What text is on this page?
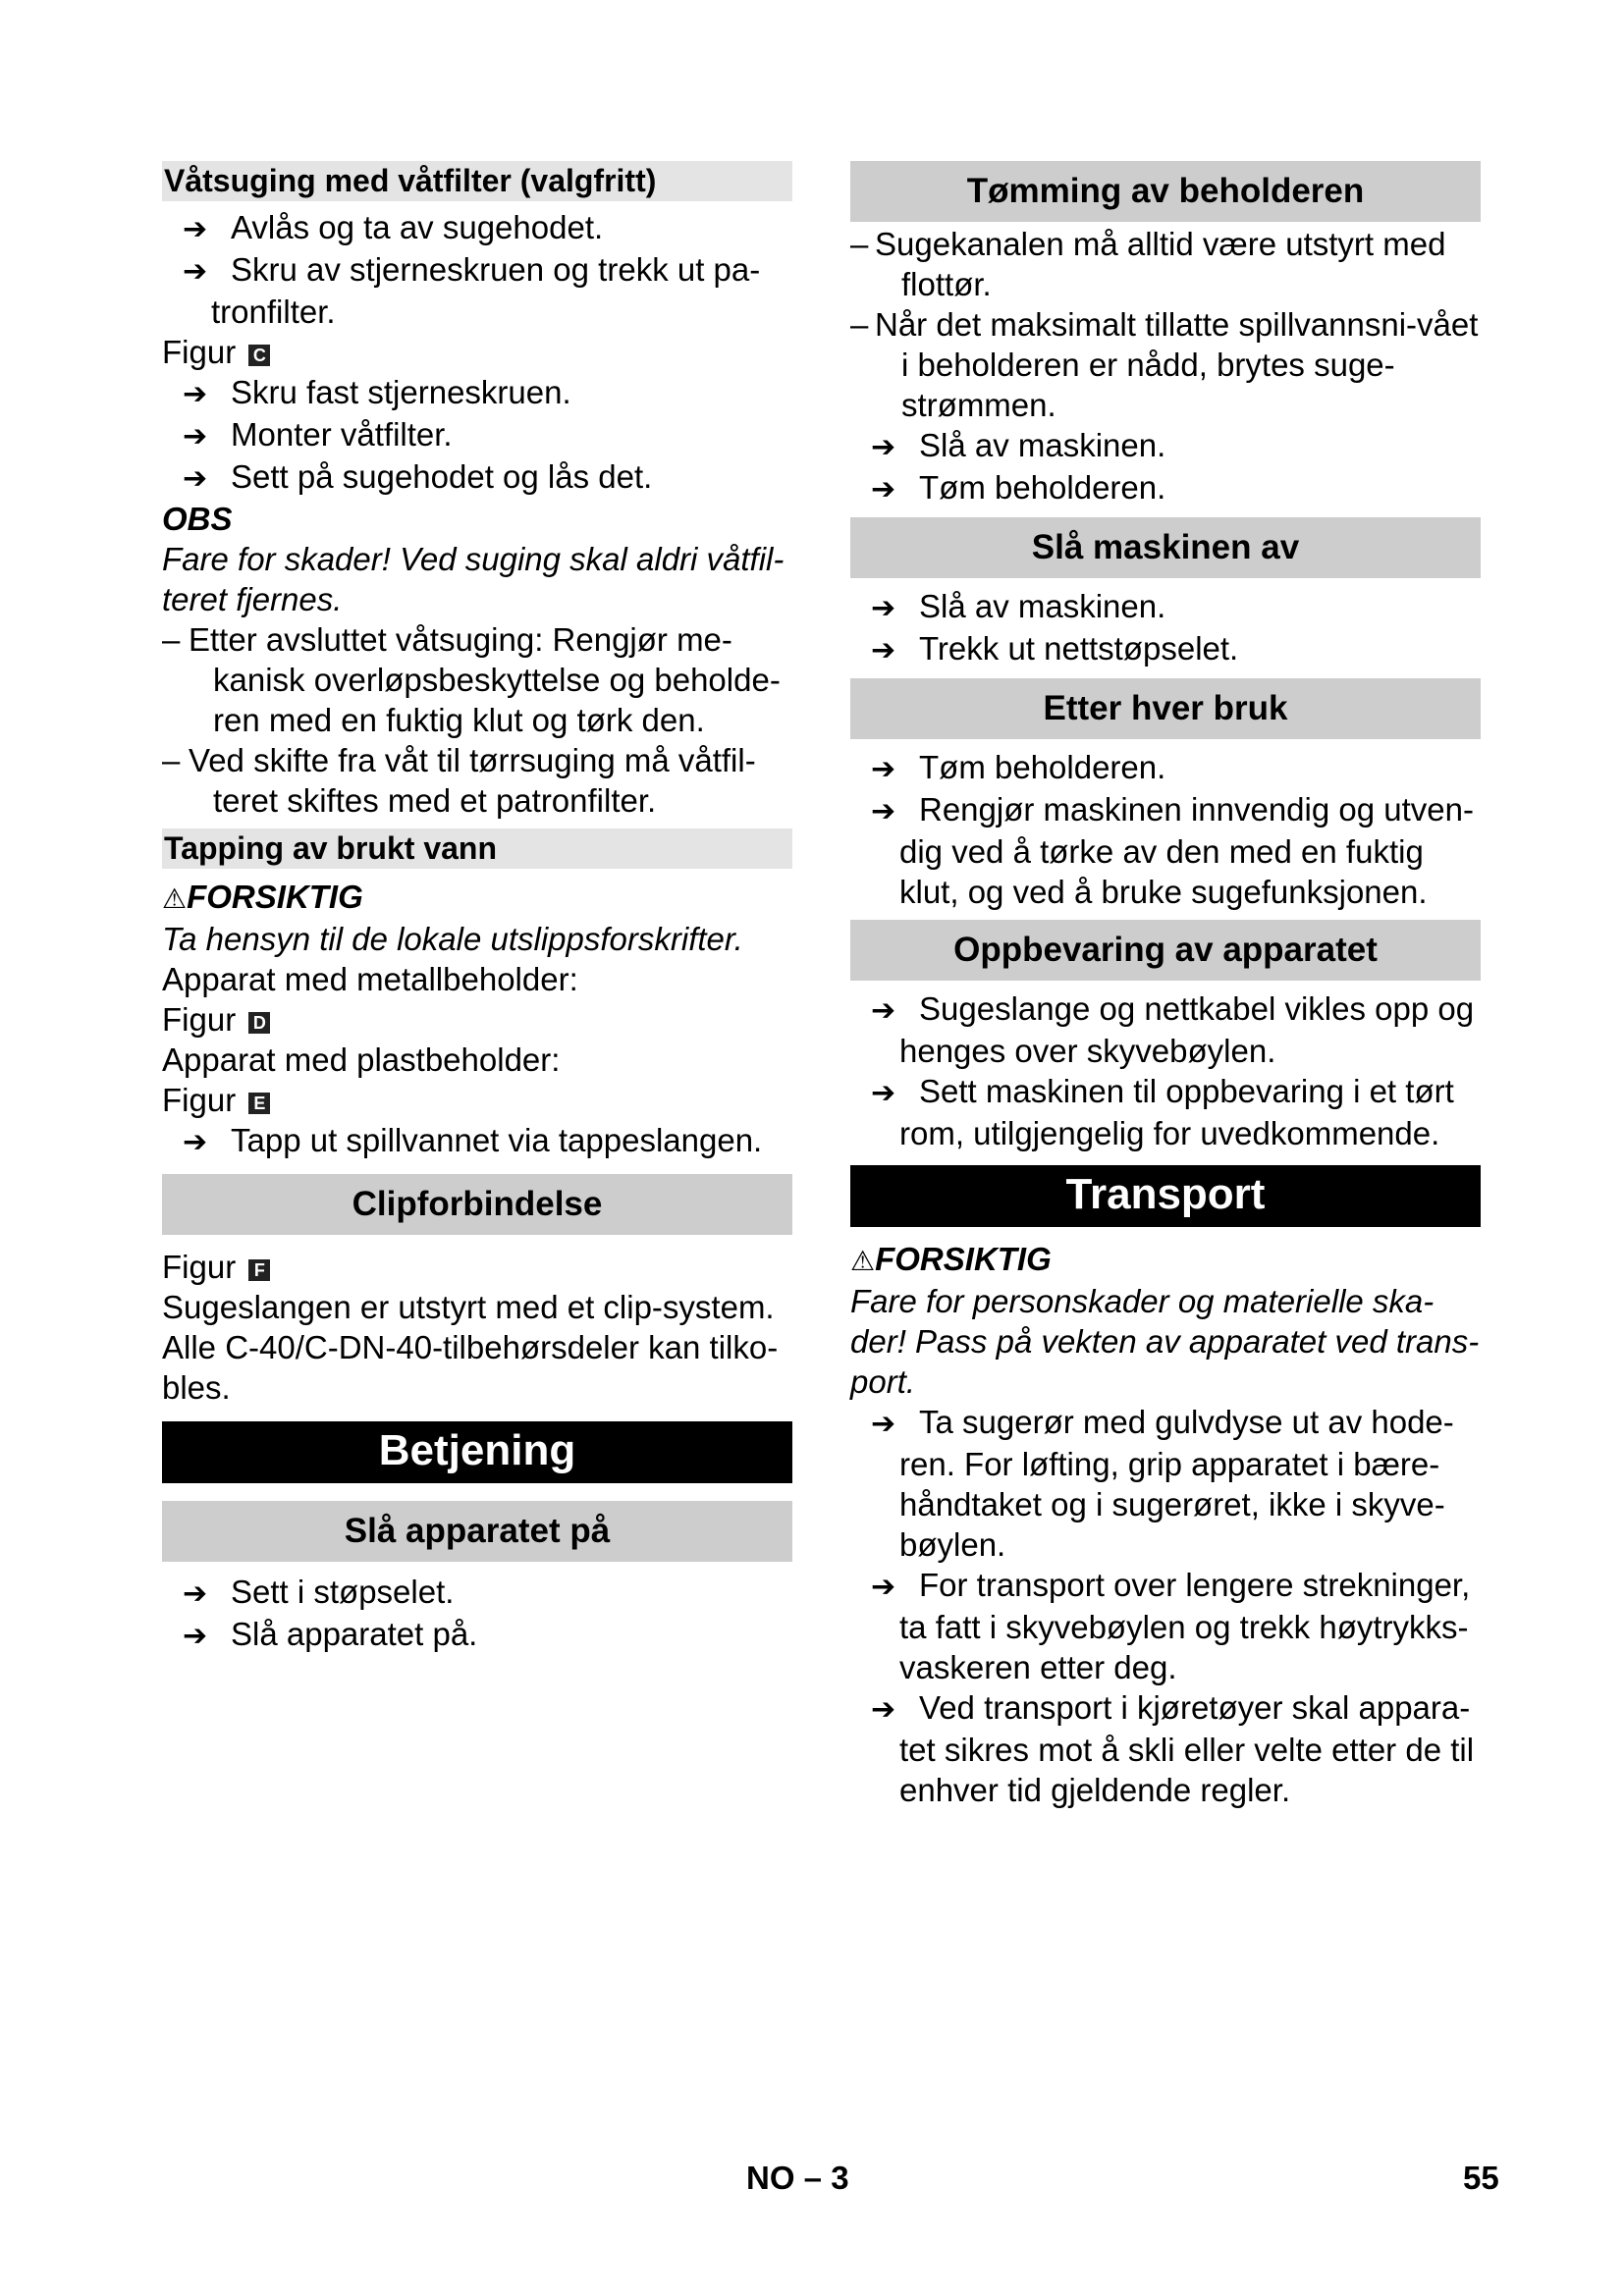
Våtsuging med våtfilter (valgfritt)

➔ Avlås og ta av sugehodet.

➔ Skru av stjerneskruen og trekk ut pa-tronfilter.

Figur C

➔ Skru fast stjerneskruen.

➔ Monter våtfilter.

➔ Sett på sugehodet og lås det.

OBS

Fare for skader! Ved suging skal aldri våtfil-teret fjernes.

– Etter avsluttet våtsuging: Rengjør me-kanisk overløpsbeskyttelse og beholde-ren med en fuktig klut og tørk den.

– Ved skifte fra våt til tørrsuging må våtfil-teret skiftes med et patronfilter.

Tapping av brukt vann

⚠FORSIKTIG

Ta hensyn til de lokale utslippsforskrifter.

Apparat med metallbeholder:

Figur D

Apparat med plastbeholder:

Figur E

➔ Tapp ut spillvannet via tappeslangen.

Clipforbindelse

Figur F

Sugeslangen er utstyrt med et clip-system. Alle C-40/C-DN-40-tilbehørsdeler kan tilko-bles.

Betjening
Slå apparatet på

➔ Sett i støpselet.

➔ Slå apparatet på.

Tømming av beholderen

– Sugekanalen må alltid være utstyrt med flottør.

– Når det maksimalt tillatte spillvannsni-vået i beholderen er nådd, brytes suge-strømmen.

➔ Slå av maskinen.

➔ Tøm beholderen.

Slå maskinen av

➔ Slå av maskinen.

➔ Trekk ut nettstøpselet.

Etter hver bruk

➔ Tøm beholderen.

➔ Rengjør maskinen innvendig og utven-dig ved å tørke av den med en fuktig klut, og ved å bruke sugefunksjonen.

Oppbevaring av apparatet

➔ Sugeslange og nettkabel vikles opp og henges over skyvebøylen.

➔ Sett maskinen til oppbevaring i et tørt rom, utilgjengelig for uvedkommende.

Transport

⚠FORSIKTIG

Fare for personskader og materielle ska-der! Pass på vekten av apparatet ved trans-port.

➔ Ta sugerør med gulvdyse ut av hode-ren. For løfting, grip apparatet i bære-håndtaket og i sugerøret, ikke i skyve-bøylen.

➔ For transport over lengere strekninger, ta fatt i skyvebøylen og trekk høytrykks-vaskeren etter deg.

➔ Ved transport i kjøretøyer skal appara-tet sikres mot å skli eller velte etter de til enhver tid gjeldende regler.

NO – 3	55
